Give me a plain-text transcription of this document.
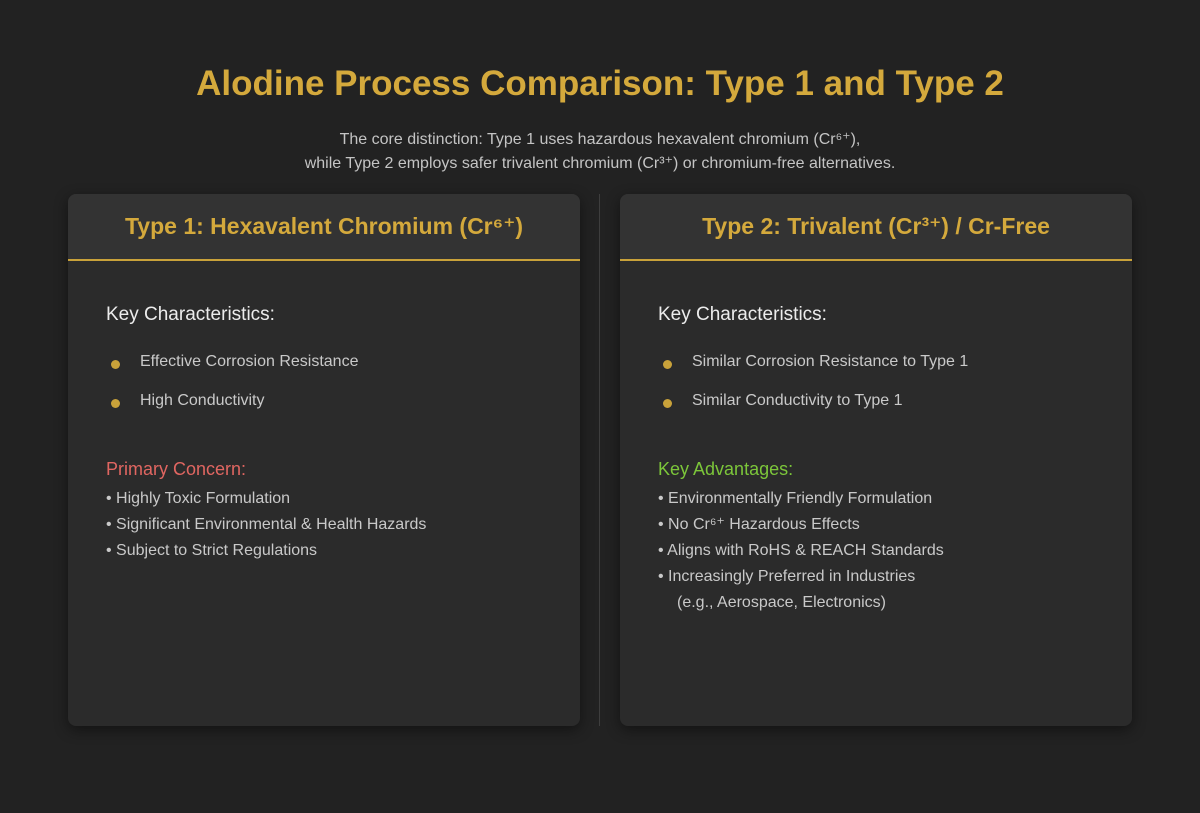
Alodine Process Comparison: Type 1 and Type 2
The core distinction: Type 1 uses hazardous hexavalent chromium (Cr⁶⁺),
while Type 2 employs safer trivalent chromium (Cr³⁺) or chromium-free alternatives.
Type 1: Hexavalent Chromium (Cr⁶⁺)
Key Characteristics:
Effective Corrosion Resistance
High Conductivity
Primary Concern:
• Highly Toxic Formulation
• Significant Environmental & Health Hazards
• Subject to Strict Regulations
Type 2: Trivalent (Cr³⁺) / Cr-Free
Key Characteristics:
Similar Corrosion Resistance to Type 1
Similar Conductivity to Type 1
Key Advantages:
• Environmentally Friendly Formulation
• No Cr⁶⁺ Hazardous Effects
• Aligns with RoHS & REACH Standards
• Increasingly Preferred in Industries
(e.g., Aerospace, Electronics)
